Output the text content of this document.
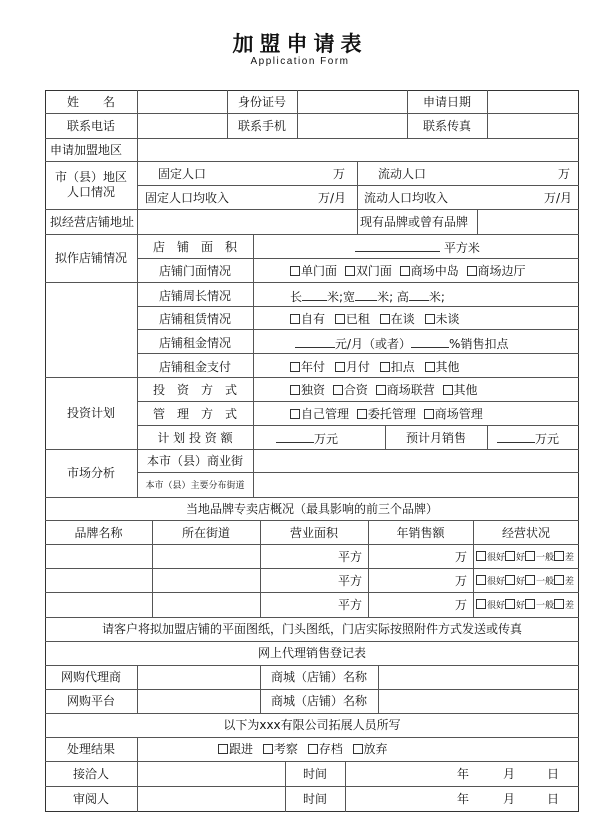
加盟申请表
Application Form
姓　　名	身份证号	申请日期
联系电话	联系手机	联系传真
申请加盟地区
市（县）地区
人口情况
固定人口	万	流动人口	万
固定人口均收入	万/月 流动人口均收入	万/月
拟经营店铺地址	现有品牌或曾有品牌
拟作店铺情况
店　铺　面　积	平方米
店铺门面情况	单门面 双门面 商场中岛 商场边厅
店铺周长情况	长 米;宽 米; 高 米;
店铺租赁情况	自有 已租 在谈 未谈
店铺租金情况	元/月（或者）	%销售扣点
店铺租金支付	年付 月付 扣点 其他
投资计划
投　资　方　式	独资 合资 商场联营 其他
管　理　方　式	自己管理 委托管理 商场管理
计 划 投 资 额	万元	预计月销售	万元
市场分析
本市（县）商业街
本市（县）主要分布街道
当地品牌专卖店概况（最具影响的前三个品牌）
品牌名称	所在街道	营业面积	年销售额	经营状况
平方	万	很好 好 一般 差
平方	万	很好 好 一般 差
平方	万	很好 好 一般 差
请客户将拟加盟店铺的平面图纸，门头图纸，门店实际按照附件方式发送或传真
网上代理销售登记表
网购代理商	商城（店铺）名称
网购平台	商城（店铺）名称
以下为xxx有限公司拓展人员所写
处理结果	跟进 考察 存档 放弃
接洽人	时间	年	月	日
审阅人	时间	年	月	日
